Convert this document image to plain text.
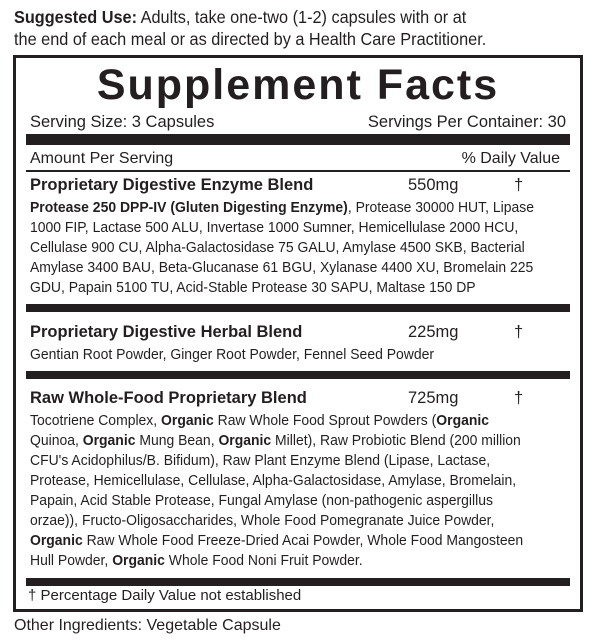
Suggested Use: Adults, take one-two (1-2) capsules with or at
the end of each meal or as directed by a Health Care Practitioner.
Supplement Facts
Serving Size: 3 Capsules	Servings Per Container: 30
Amount Per Serving	% Daily Value
Proprietary Digestive Enzyme Blend	550mg	†
Protease 250 DPP-IV (Gluten Digesting Enzyme), Protease 30000 HUT, Lipase
1000 FIP, Lactase 500 ALU, Invertase 1000 Sumner, Hemicellulase 2000 HCU,
Cellulase 900 CU, Alpha-Galactosidase 75 GALU, Amylase 4500 SKB, Bacterial
Amylase 3400 BAU, Beta-Glucanase 61 BGU, Xylanase 4400 XU, Bromelain 225
GDU, Papain 5100 TU, Acid-Stable Protease 30 SAPU, Maltase 150 DP
Proprietary Digestive Herbal Blend	225mg	†
Gentian Root Powder, Ginger Root Powder, Fennel Seed Powder
Raw Whole-Food Proprietary Blend	725mg	†
Tocotriene Complex, Organic Raw Whole Food Sprout Powders (Organic
Quinoa, Organic Mung Bean, Organic Millet), Raw Probiotic Blend (200 million
CFU's Acidophilus/B. Bifidum), Raw Plant Enzyme Blend (Lipase, Lactase,
Protease, Hemicellulase, Cellulase, Alpha-Galactosidase, Amylase, Bromelain,
Papain, Acid Stable Protease, Fungal Amylase (non-pathogenic aspergillus
orzae)), Fructo-Oligosaccharides, Whole Food Pomegranate Juice Powder,
Organic Raw Whole Food Freeze-Dried Acai Powder, Whole Food Mangosteen
Hull Powder, Organic Whole Food Noni Fruit Powder.
† Percentage Daily Value not established
Other Ingredients: Vegetable Capsule
